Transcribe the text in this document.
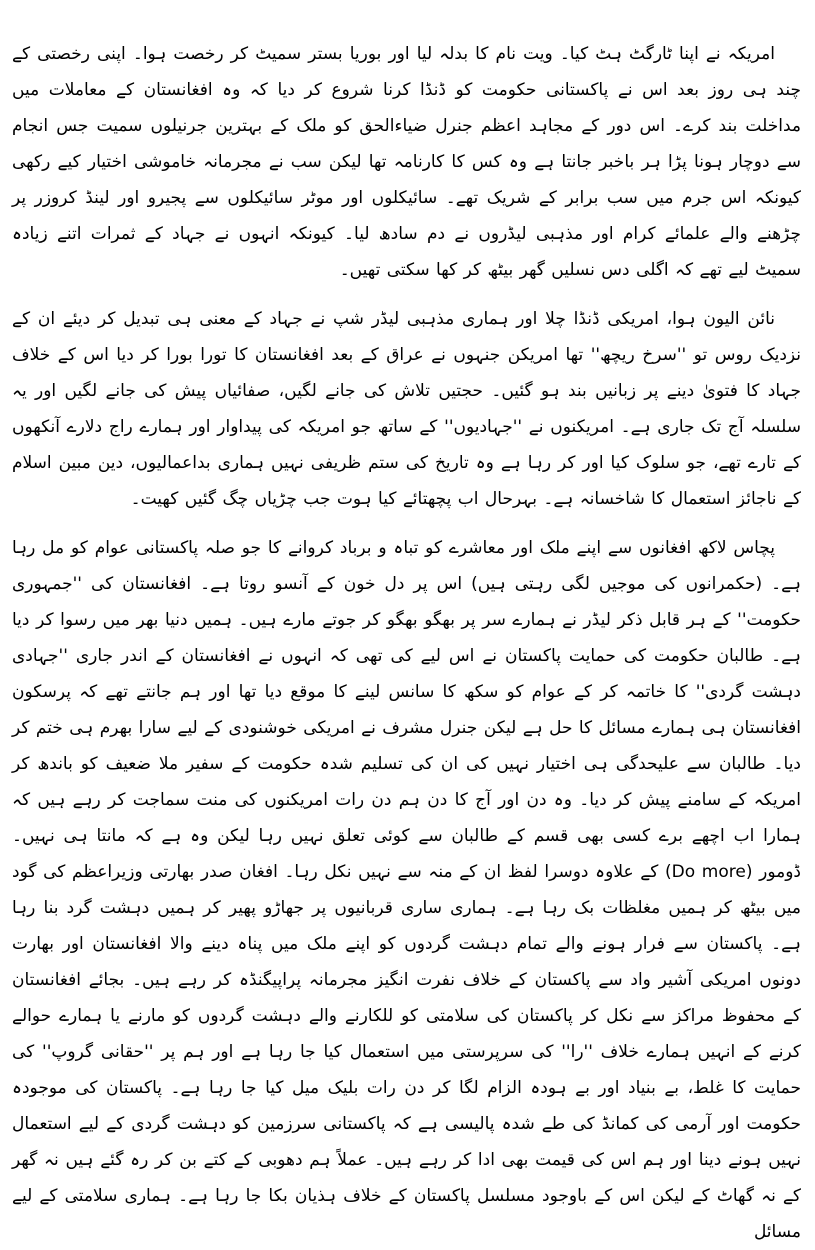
امریکہ نے اپنا ٹارگٹ ہٹ کیا۔ ویت نام کا بدلہ لیا اور بوریا بستر سمیٹ کر رخصت ہوا۔ اپنی رخصتی کے چند ہی روز بعد اس نے پاکستانی حکومت کو ڈنڈا کرنا شروع کر دیا کہ وہ افغانستان کے معاملات میں مداخلت بند کرے۔ اس دور کے مجاہد اعظم جنرل ضیاءالحق کو ملک کے بہترین جرنیلوں سمیت جس انجام سے دوچار ہونا پڑا ہر باخبر جانتا ہے وہ کس کا کارنامہ تھا لیکن سب نے مجرمانہ خاموشی اختیار کیے رکھی کیونکہ اس جرم میں سب برابر کے شریک تھے۔ سائیکلوں اور موٹر سائیکلوں سے پجیرو اور لینڈ کروزر پر چڑھنے والے علمائے کرام اور مذہبی لیڈروں نے دم سادھ لیا۔ کیونکہ انہوں نے جہاد کے ثمرات اتنے زیادہ سمیٹ لیے تھے کہ اگلی دس نسلیں گھر بیٹھ کر کھا سکتی تھیں۔

نائن الیون ہوا، امریکی ڈنڈا چلا اور ہماری مذہبی لیڈر شپ نے جہاد کے معنی ہی تبدیل کر دیئے ان کے نزدیک روس تو ''سرخ ریچھ'' تھا امریکن جنہوں نے عراق کے بعد افغانستان کا تورا بورا کر دیا اس کے خلاف جہاد کا فتویٰ دینے پر زبانیں بند ہو گئیں۔ حجتیں تلاش کی جانے لگیں، صفائیاں پیش کی جانے لگیں اور یہ سلسلہ آج تک جاری ہے۔ امریکنوں نے ''جہادیوں'' کے ساتھ جو امریکہ کی پیداوار اور ہمارے راج دلارے آنکھوں کے تارے تھے، جو سلوک کیا اور کر رہا ہے وہ تاریخ کی ستم ظریفی نہیں ہماری بداعمالیوں، دین مبین اسلام کے ناجائز استعمال کا شاخسانہ ہے۔ بہرحال اب پچھتائے کیا ہوت جب چڑیاں چگ گئیں کھیت۔

پچاس لاکھ افغانوں سے اپنے ملک اور معاشرے کو تباہ و برباد کروانے کا جو صلہ پاکستانی عوام کو مل رہا ہے۔ (حکمرانوں کی موجیں لگی رہتی ہیں) اس پر دل خون کے آنسو روتا ہے۔ افغانستان کی ''جمہوری حکومت'' کے ہر قابل ذکر لیڈر نے ہمارے سر پر بھگو بھگو کر جوتے مارے ہیں۔ ہمیں دنیا بھر میں رسوا کر دیا ہے۔ طالبان حکومت کی حمایت پاکستان نے اس لیے کی تھی کہ انہوں نے افغانستان کے اندر جاری ''جہادی دہشت گردی'' کا خاتمہ کر کے عوام کو سکھ کا سانس لینے کا موقع دیا تھا اور ہم جانتے تھے کہ پرسکون افغانستان ہی ہمارے مسائل کا حل ہے لیکن جنرل مشرف نے امریکی خوشنودی کے لیے سارا بھرم ہی ختم کر دیا۔ طالبان سے علیحدگی ہی اختیار نہیں کی ان کی تسلیم شدہ حکومت کے سفیر ملا ضعیف کو باندھ کر امریکہ کے سامنے پیش کر دیا۔ وہ دن اور آج کا دن ہم دن رات امریکنوں کی منت سماجت کر رہے ہیں کہ ہمارا اب اچھے برے کسی بھی قسم کے طالبان سے کوئی تعلق نہیں رہا لیکن وہ ہے کہ مانتا ہی نہیں۔ ڈومور (Do more) کے علاوہ دوسرا لفظ ان کے منہ سے نہیں نکل رہا۔ افغان صدر بھارتی وزیراعظم کی گود میں بیٹھ کر ہمیں مغلظات بک رہا ہے۔ ہماری ساری قربانیوں پر جھاڑو پھیر کر ہمیں دہشت گرد بنا رہا ہے۔ پاکستان سے فرار ہونے والے تمام دہشت گردوں کو اپنے ملک میں پناہ دینے والا افغانستان اور بھارت دونوں امریکی آشیر واد سے پاکستان کے خلاف نفرت انگیز مجرمانہ پراپیگنڈہ کر رہے ہیں۔ بجائے افغانستان کے محفوظ مراکز سے نکل کر پاکستان کی سلامتی کو للکارنے والے دہشت گردوں کو مارنے یا ہمارے حوالے کرنے کے انہیں ہمارے خلاف ''را'' کی سرپرستی میں استعمال کیا جا رہا ہے اور ہم پر ''حقانی گروپ'' کی حمایت کا غلط، بے بنیاد اور بے ہودہ الزام لگا کر دن رات بلیک میل کیا جا رہا ہے۔ پاکستان کی موجودہ حکومت اور آرمی کی کمانڈ کی طے شدہ پالیسی ہے کہ پاکستانی سرزمین کو دہشت گردی کے لیے استعمال نہیں ہونے دینا اور ہم اس کی قیمت بھی ادا کر رہے ہیں۔ عملاً ہم دھوبی کے کتے بن کر رہ گئے ہیں نہ گھر کے نہ گھاٹ کے لیکن اس کے باوجود مسلسل پاکستان کے خلاف ہذیان بکا جا رہا ہے۔ ہماری سلامتی کے لیے مسائل
